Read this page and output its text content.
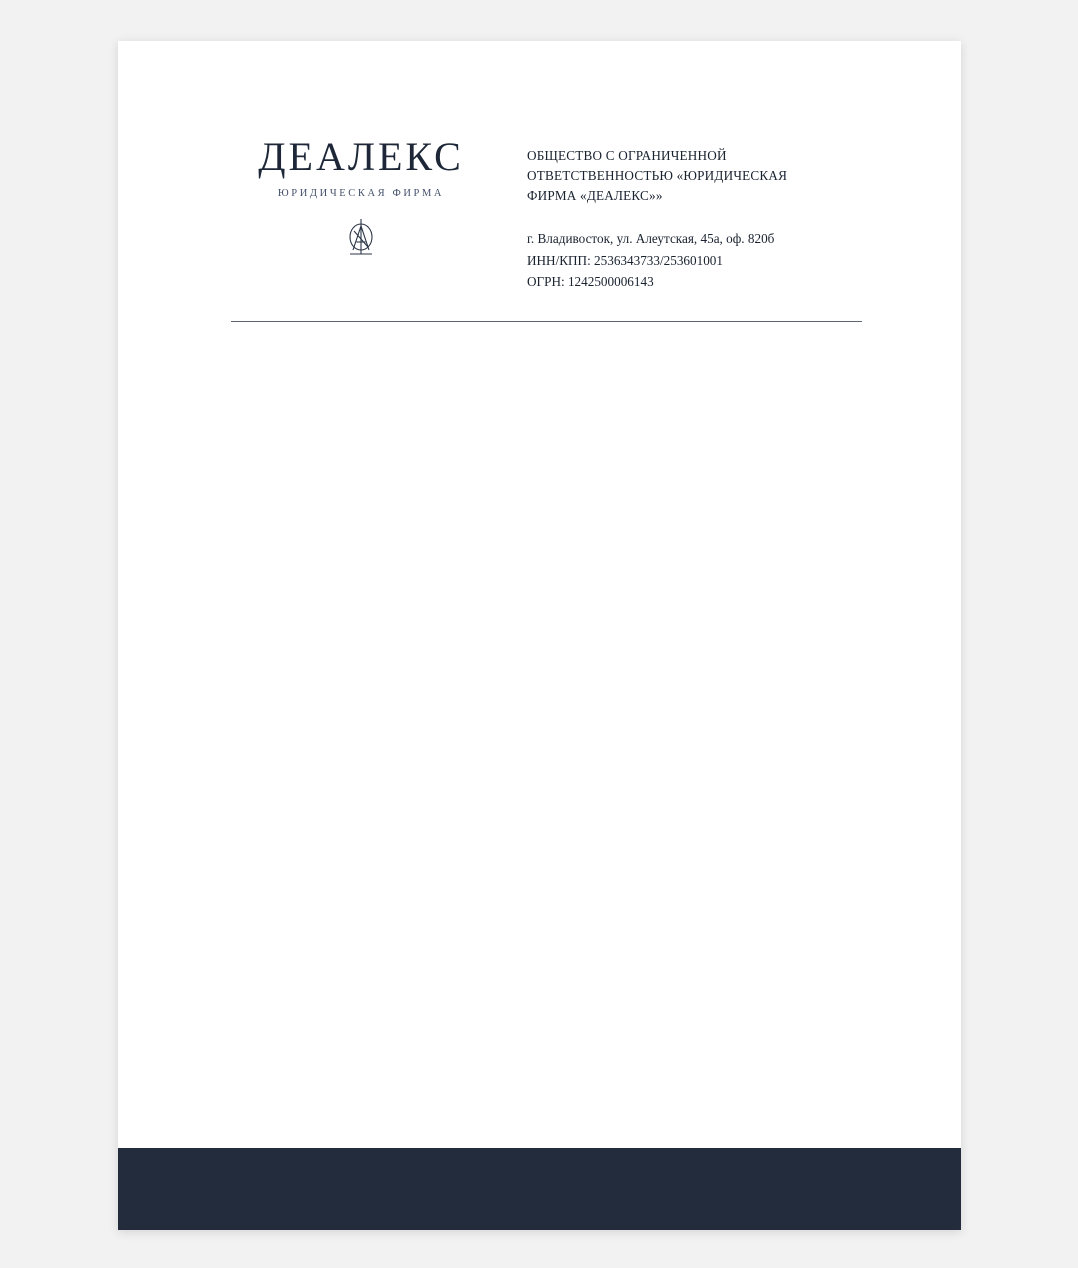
ДЕАЛЕКС
ЮРИДИЧЕСКАЯ ФИРМА
ОБЩЕСТВО С ОГРАНИЧЕННОЙ
ОТВЕТСТВЕННОСТЬЮ «ЮРИДИЧЕСКАЯ
ФИРМА «ДЕАЛЕКС»»
г. Владивосток, ул. Алеутская, 45а, оф. 820б
ИНН/КПП: 2536343733/253601001
ОГРН: 1242500006143
